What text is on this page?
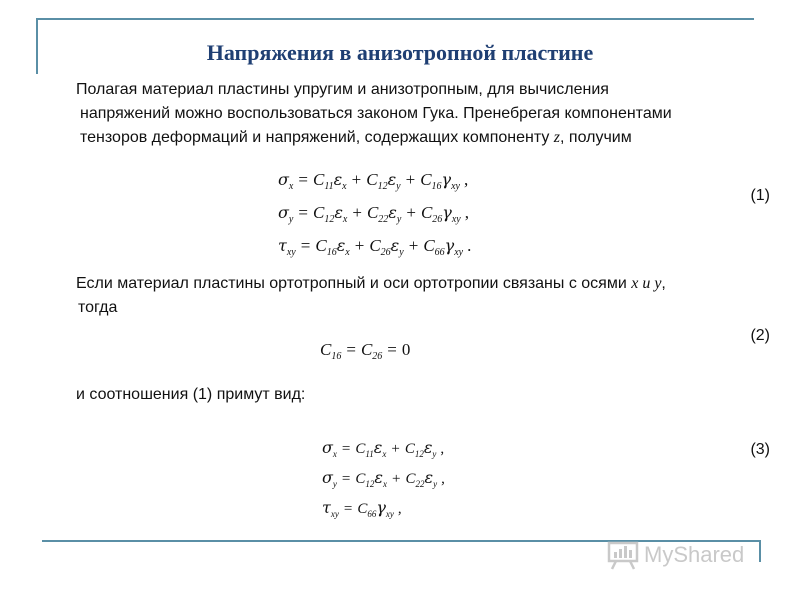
Напряжения в анизотропной пластине

Полагая материал пластины упругим и анизотропным, для вычисления
напряжений можно воспользоваться законом Гука. Пренебрегая компонентами
тензоров деформаций и напряжений, содержащих компоненту z, получим

$\sigma_x = C_{11}\varepsilon_x + C_{12}\varepsilon_y + C_{16}\gamma_{xy}$ ,
$\sigma_y = C_{12}\varepsilon_x + C_{22}\varepsilon_y + C_{26}\gamma_{xy}$ ,
$\tau_{xy} = C_{16}\varepsilon_x + C_{26}\varepsilon_y + C_{66}\gamma_{xy}$ .
(1)

Если материал пластины ортотропный и оси ортотропии связаны с осями x и y,
тогда

(2)
$C_{16} = C_{26} = 0$

и соотношения (1) примут вид:

$\sigma_x = C_{11}\varepsilon_x + C_{12}\varepsilon_y$ ,
$\sigma_y = C_{12}\varepsilon_x + C_{22}\varepsilon_y$ ,
$\tau_{xy} = C_{66}\gamma_{xy}$ ,
(3)
MyShared
